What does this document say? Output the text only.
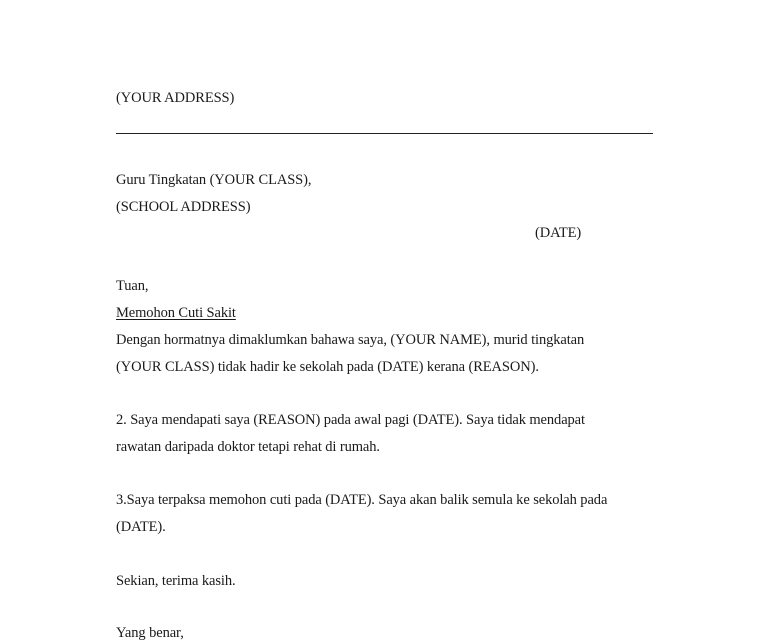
(YOUR ADDRESS)
Guru Tingkatan (YOUR CLASS),
(SCHOOL ADDRESS)
(DATE)
Tuan,
Memohon Cuti Sakit
Dengan hormatnya dimaklumkan bahawa saya, (YOUR NAME), murid tingkatan
(YOUR CLASS) tidak hadir ke sekolah pada (DATE) kerana (REASON).
2. Saya mendapati saya (REASON) pada awal pagi (DATE). Saya tidak mendapat
rawatan daripada doktor tetapi rehat di rumah.
3.Saya terpaksa memohon cuti pada (DATE). Saya akan balik semula ke sekolah pada
(DATE).
Sekian, terima kasih.
Yang benar,
